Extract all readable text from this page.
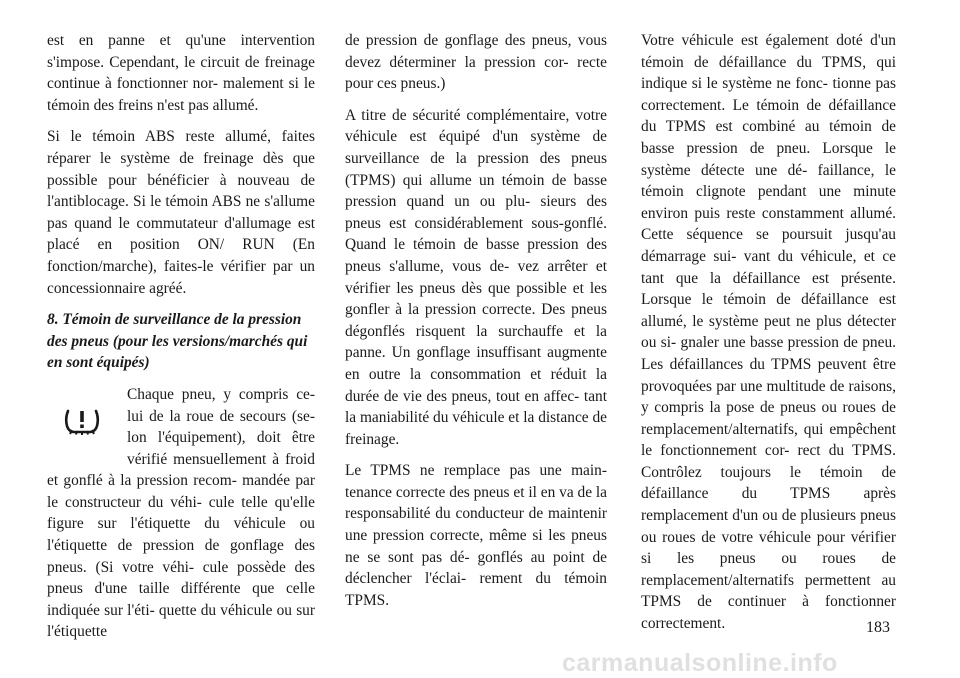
est en panne et qu'une intervention s'impose. Cependant, le circuit de freinage continue à fonctionner nor- malement si le témoin des freins n'est pas allumé.

Si le témoin ABS reste allumé, faites réparer le système de freinage dès que possible pour bénéficier à nouveau de l'antiblocage. Si le témoin ABS ne s'allume pas quand le commutateur d'allumage est placé en position ON/ RUN (En fonction/marche), faites-le vérifier par un concessionnaire agréé.

8. Témoin de surveillance de la pression des pneus (pour les versions/marchés qui en sont équipés)

Chaque pneu, y compris ce- lui de la roue de secours (se- lon l'équipement), doit être vérifié mensuellement à froid et gonflé à la pression recom- mandée par le constructeur du véhi- cule telle qu'elle figure sur l'étiquette du véhicule ou l'étiquette de pression de gonflage des pneus. (Si votre véhi- cule possède des pneus d'une taille différente que celle indiquée sur l'éti- quette du véhicule ou sur l'étiquette

de pression de gonflage des pneus, vous devez déterminer la pression cor- recte pour ces pneus.)

A titre de sécurité complémentaire, votre véhicule est équipé d'un système de surveillance de la pression des pneus (TPMS) qui allume un témoin de basse pression quand un ou plu- sieurs des pneus est considérablement sous-gonflé. Quand le témoin de basse pression des pneus s'allume, vous de- vez arrêter et vérifier les pneus dès que possible et les gonfler à la pression correcte. Des pneus dégonflés risquent la surchauffe et la panne. Un gonflage insuffisant augmente en outre la consommation et réduit la durée de vie des pneus, tout en affec- tant la maniabilité du véhicule et la distance de freinage.

Le TPMS ne remplace pas une main- tenance correcte des pneus et il en va de la responsabilité du conducteur de maintenir une pression correcte, même si les pneus ne se sont pas dé- gonflés au point de déclencher l'éclai- rement du témoin TPMS.

Votre véhicule est également doté d'un témoin de défaillance du TPMS, qui indique si le système ne fonc- tionne pas correctement. Le témoin de défaillance du TPMS est combiné au témoin de basse pression de pneu. Lorsque le système détecte une dé- faillance, le témoin clignote pendant une minute environ puis reste constamment allumé. Cette séquence se poursuit jusqu'au démarrage sui- vant du véhicule, et ce tant que la défaillance est présente. Lorsque le témoin de défaillance est allumé, le système peut ne plus détecter ou si- gnaler une basse pression de pneu. Les défaillances du TPMS peuvent être provoquées par une multitude de raisons, y compris la pose de pneus ou roues de remplacement/alternatifs, qui empêchent le fonctionnement cor- rect du TPMS. Contrôlez toujours le témoin de défaillance du TPMS après remplacement d'un ou de plusieurs pneus ou roues de votre véhicule pour vérifier si les pneus ou roues de remplacement/alternatifs permettent au TPMS de continuer à fonctionner correctement.	183
carmanualsonline.info
